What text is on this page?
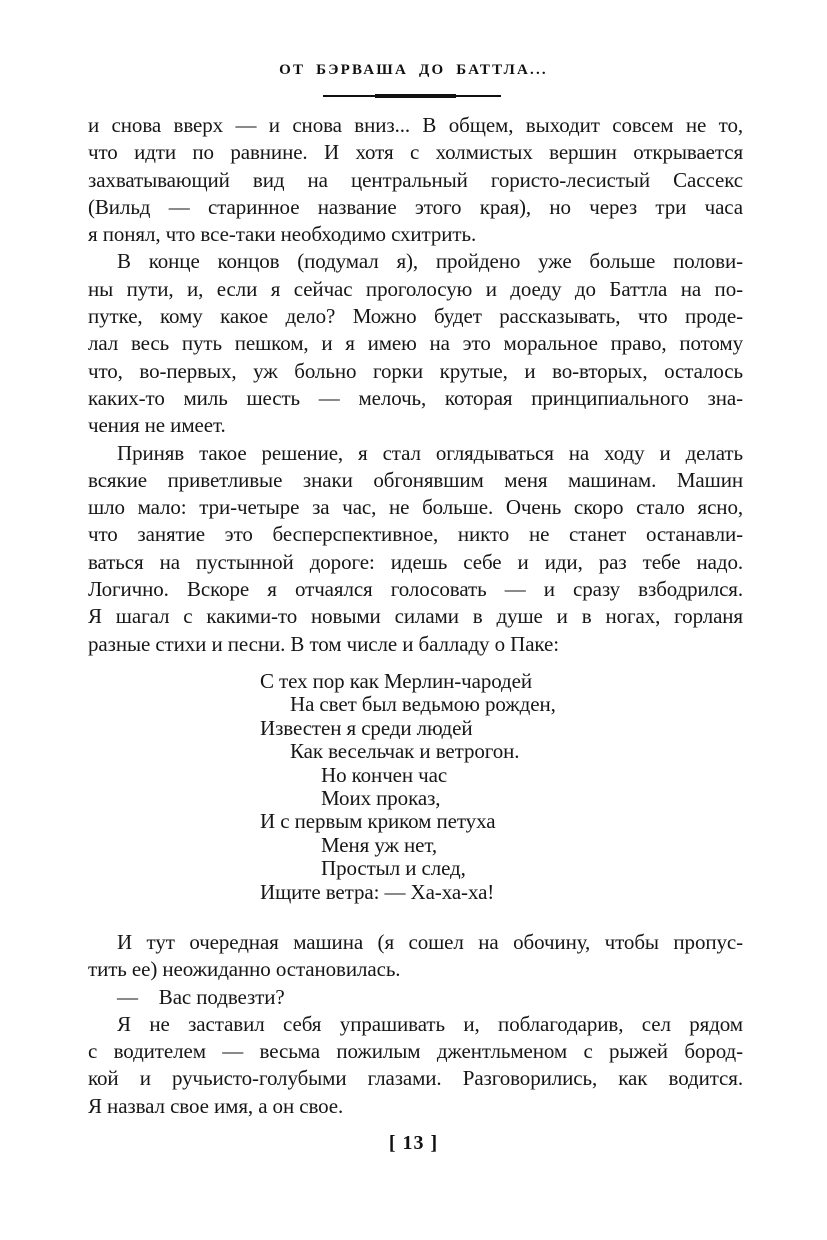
ОТ БЭРВАША ДО БАТТЛА...
и снова вверх — и снова вниз... В общем, выходит совсем не то,
что идти по равнине. И хотя с холмистых вершин открывается
захватывающий вид на центральный гористо-лесистый Сассекс
(Вильд — старинное название этого края), но через три часа
я понял, что все-таки необходимо схитрить.
В конце концов (подумал я), пройдено уже больше полови-
ны пути, и, если я сейчас проголосую и доеду до Баттла на по-
путке, кому какое дело? Можно будет рассказывать, что проде-
лал весь путь пешком, и я имею на это моральное право, потому
что, во-первых, уж больно горки крутые, и во-вторых, осталось
каких-то миль шесть — мелочь, которая принципиального зна-
чения не имеет.
Приняв такое решение, я стал оглядываться на ходу и делать
всякие приветливые знаки обгонявшим меня машинам. Машин
шло мало: три-четыре за час, не больше. Очень скоро стало ясно,
что занятие это бесперспективное, никто не станет останавли-
ваться на пустынной дороге: идешь себе и иди, раз тебе надо.
Логично. Вскоре я отчаялся голосовать — и сразу взбодрился.
Я шагал с какими-то новыми силами в душе и в ногах, горланя
разные стихи и песни. В том числе и балладу о Паке:
С тех пор как Мерлин-чародей
На свет был ведьмою рожден,
Известен я среди людей
Как весельчак и ветрогон.
Но кончен час
Моих проказ,
И с первым криком петуха
Меня уж нет,
Простыл и след,
Ищите ветра: — Ха-ха-ха!
И тут очередная машина (я сошел на обочину, чтобы пропус-
тить ее) неожиданно остановилась.
— Вас подвезти?
Я не заставил себя упрашивать и, поблагодарив, сел рядом
с водителем — весьма пожилым джентльменом с рыжей бород-
кой и ручьисто-голубыми глазами. Разговорились, как водится.
Я назвал свое имя, а он свое.
[ 13 ]
